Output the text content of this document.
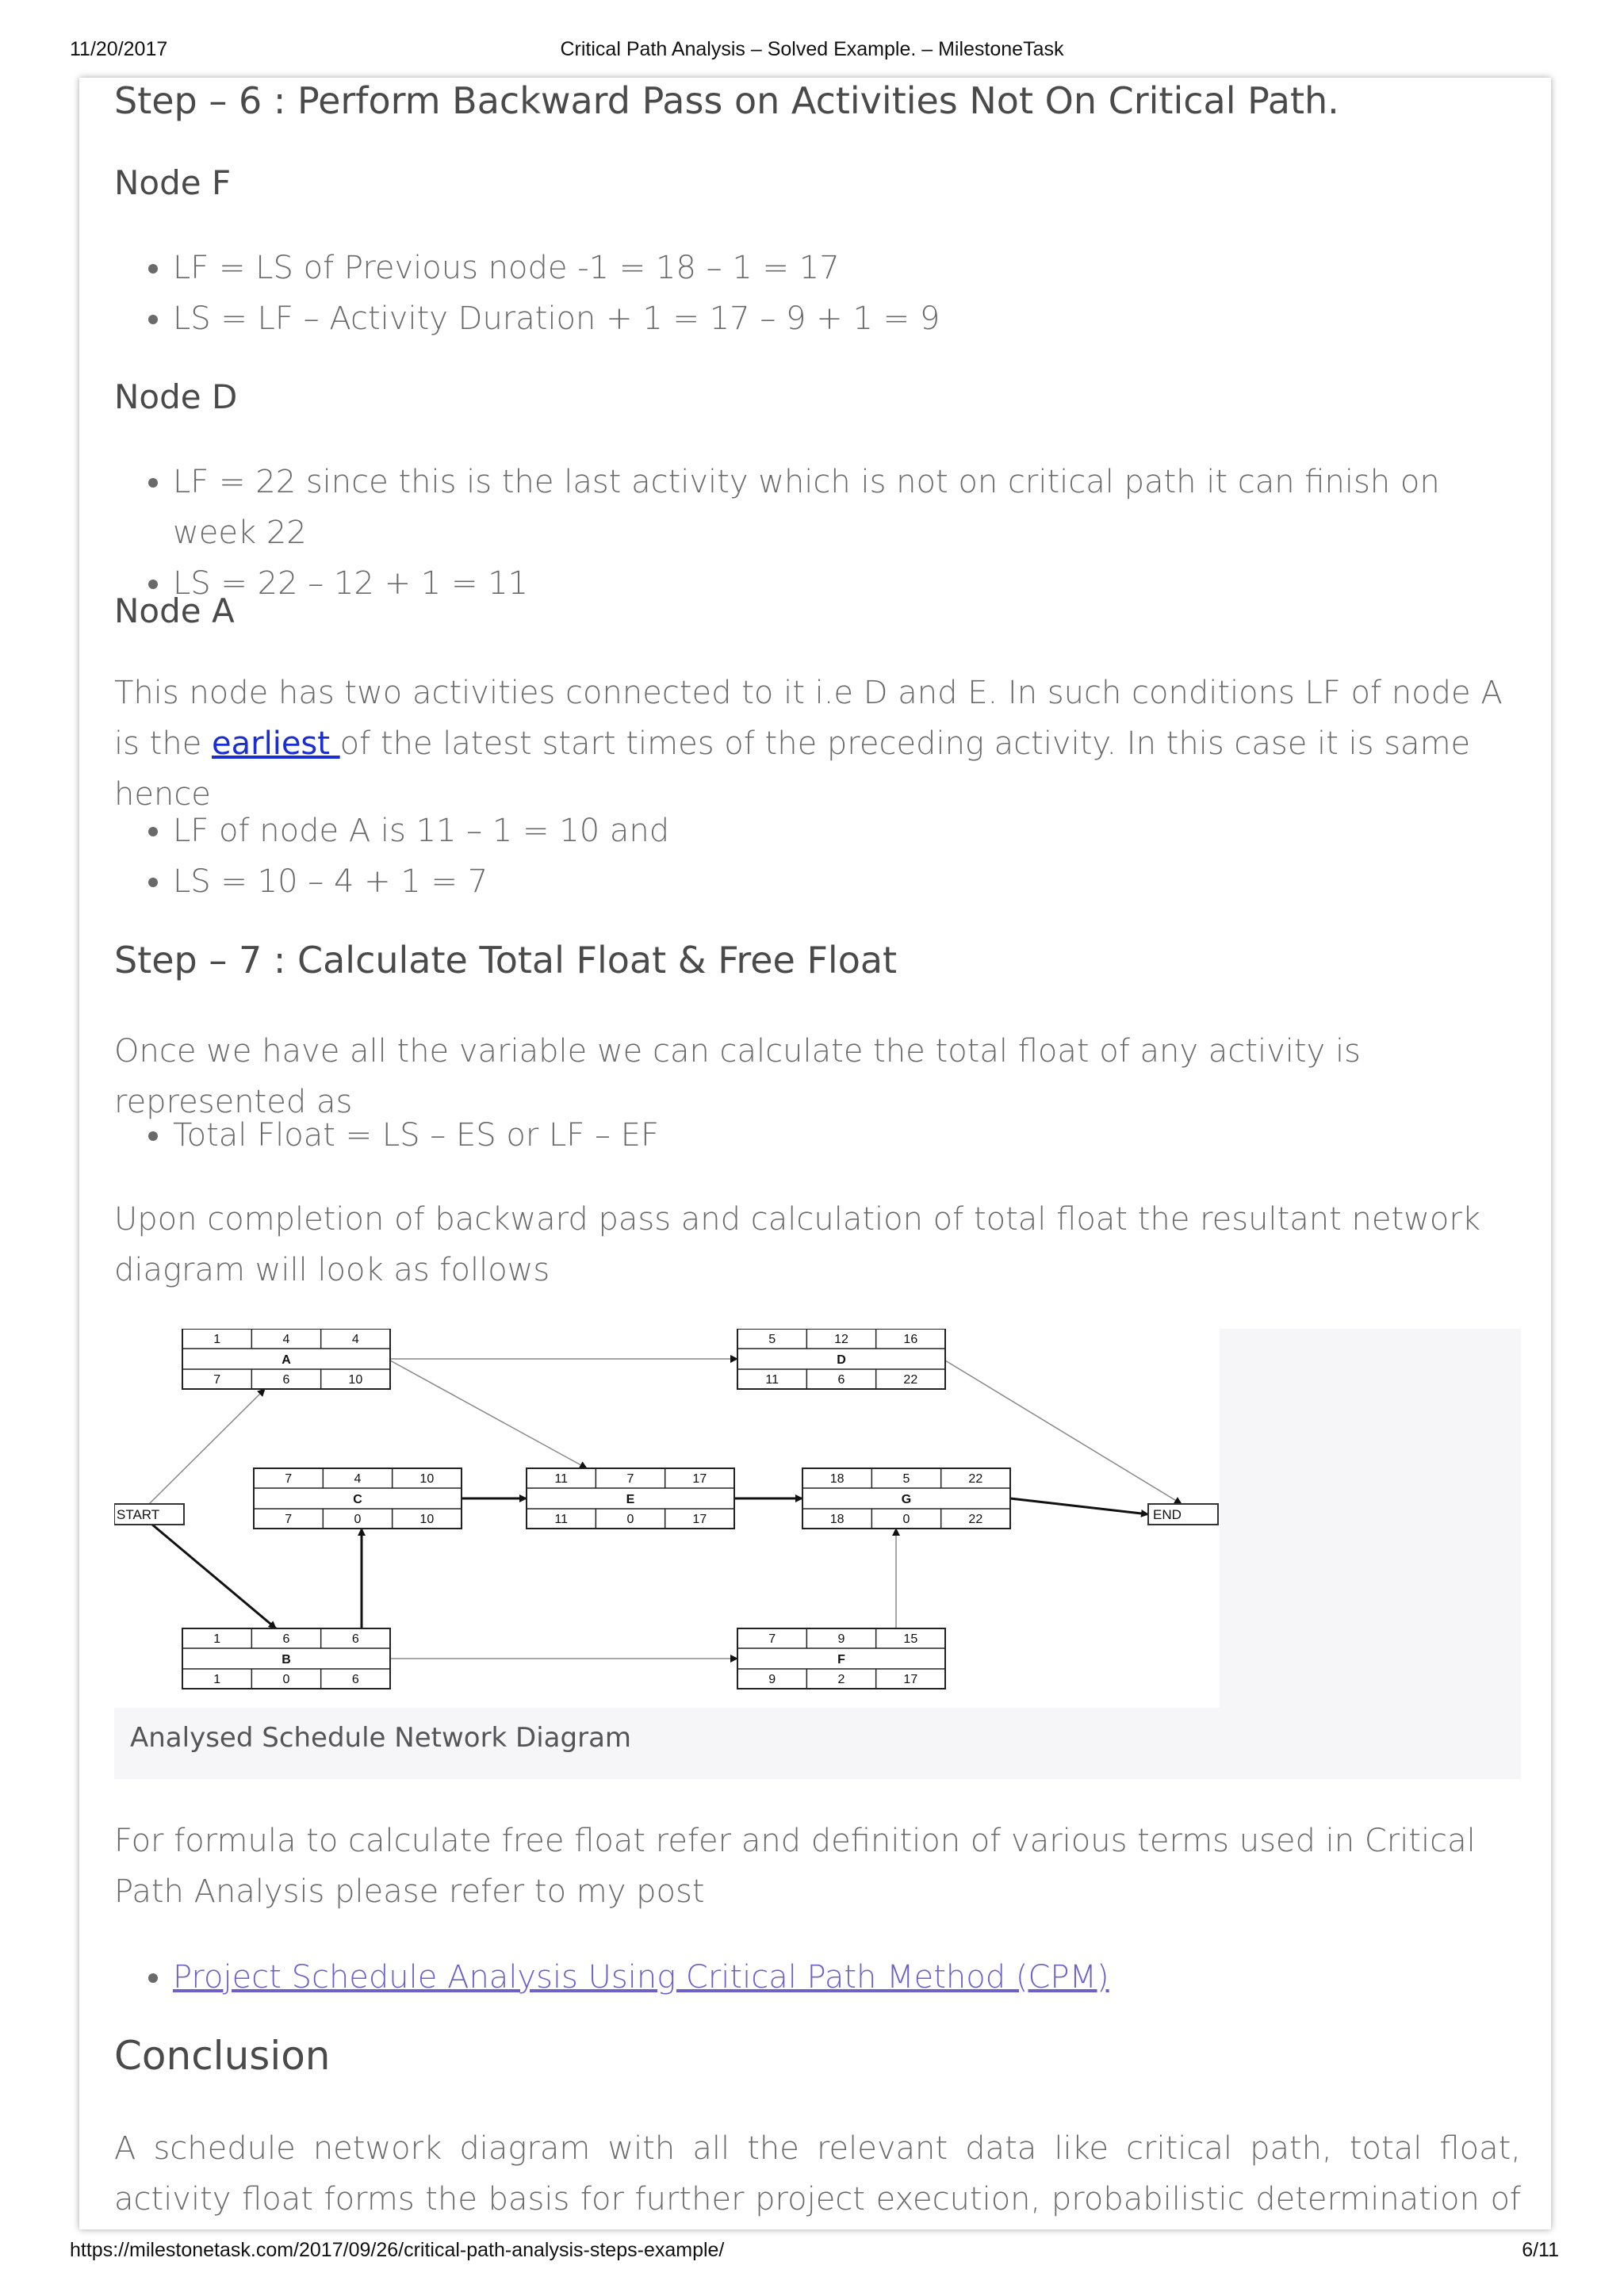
11/20/2017	Critical Path Analysis – Solved Example. – MilestoneTask
Step – 6 : Perform Backward Pass on Activities Not On Critical Path.
Node F
• LF = LS of Previous node -1 = 18 – 1 = 17
• LS = LF – Activity Duration + 1 = 17 – 9 + 1 = 9
Node D
• LF = 22 since this is the last activity which is not on critical path it can finish on week 22
• LS = 22 – 12 + 1 = 11
Node A

This node has two activities connected to it i.e D and E. In such conditions LF of node A is the earliest of the latest start times of the preceding activity. In this case it is same hence

• LF of node A is 11 – 1 = 10 and
• LS = 10 – 4 + 1 = 7
Step – 7 : Calculate Total Float & Free Float

Once we have all the variable we can calculate the total float of any activity is represented as

• Total Float = LS – ES or LF – EF

Upon completion of backward pass and calculation of total float the resultant network diagram will look as follows

1	4	4
A
7	6	10
5	12	16
D
11	6	22
7	4	10
C
7	0	10
11	7	17
E
11	0	17
18	5	22
G
18	0	22
1	6	6
B
1	0	6
7	9	15
F
9	2	17
START	END
Analysed Schedule Network Diagram

For formula to calculate free float refer and definition of various terms used in Critical Path Analysis please refer to my post

• Project Schedule Analysis Using Critical Path Method (CPM)
Conclusion

A schedule network diagram with all the relevant data like critical path, total float, activity float forms the basis for further project execution, probabilistic determination of

https://milestonetask.com/2017/09/26/critical-path-analysis-steps-example/	6/11
